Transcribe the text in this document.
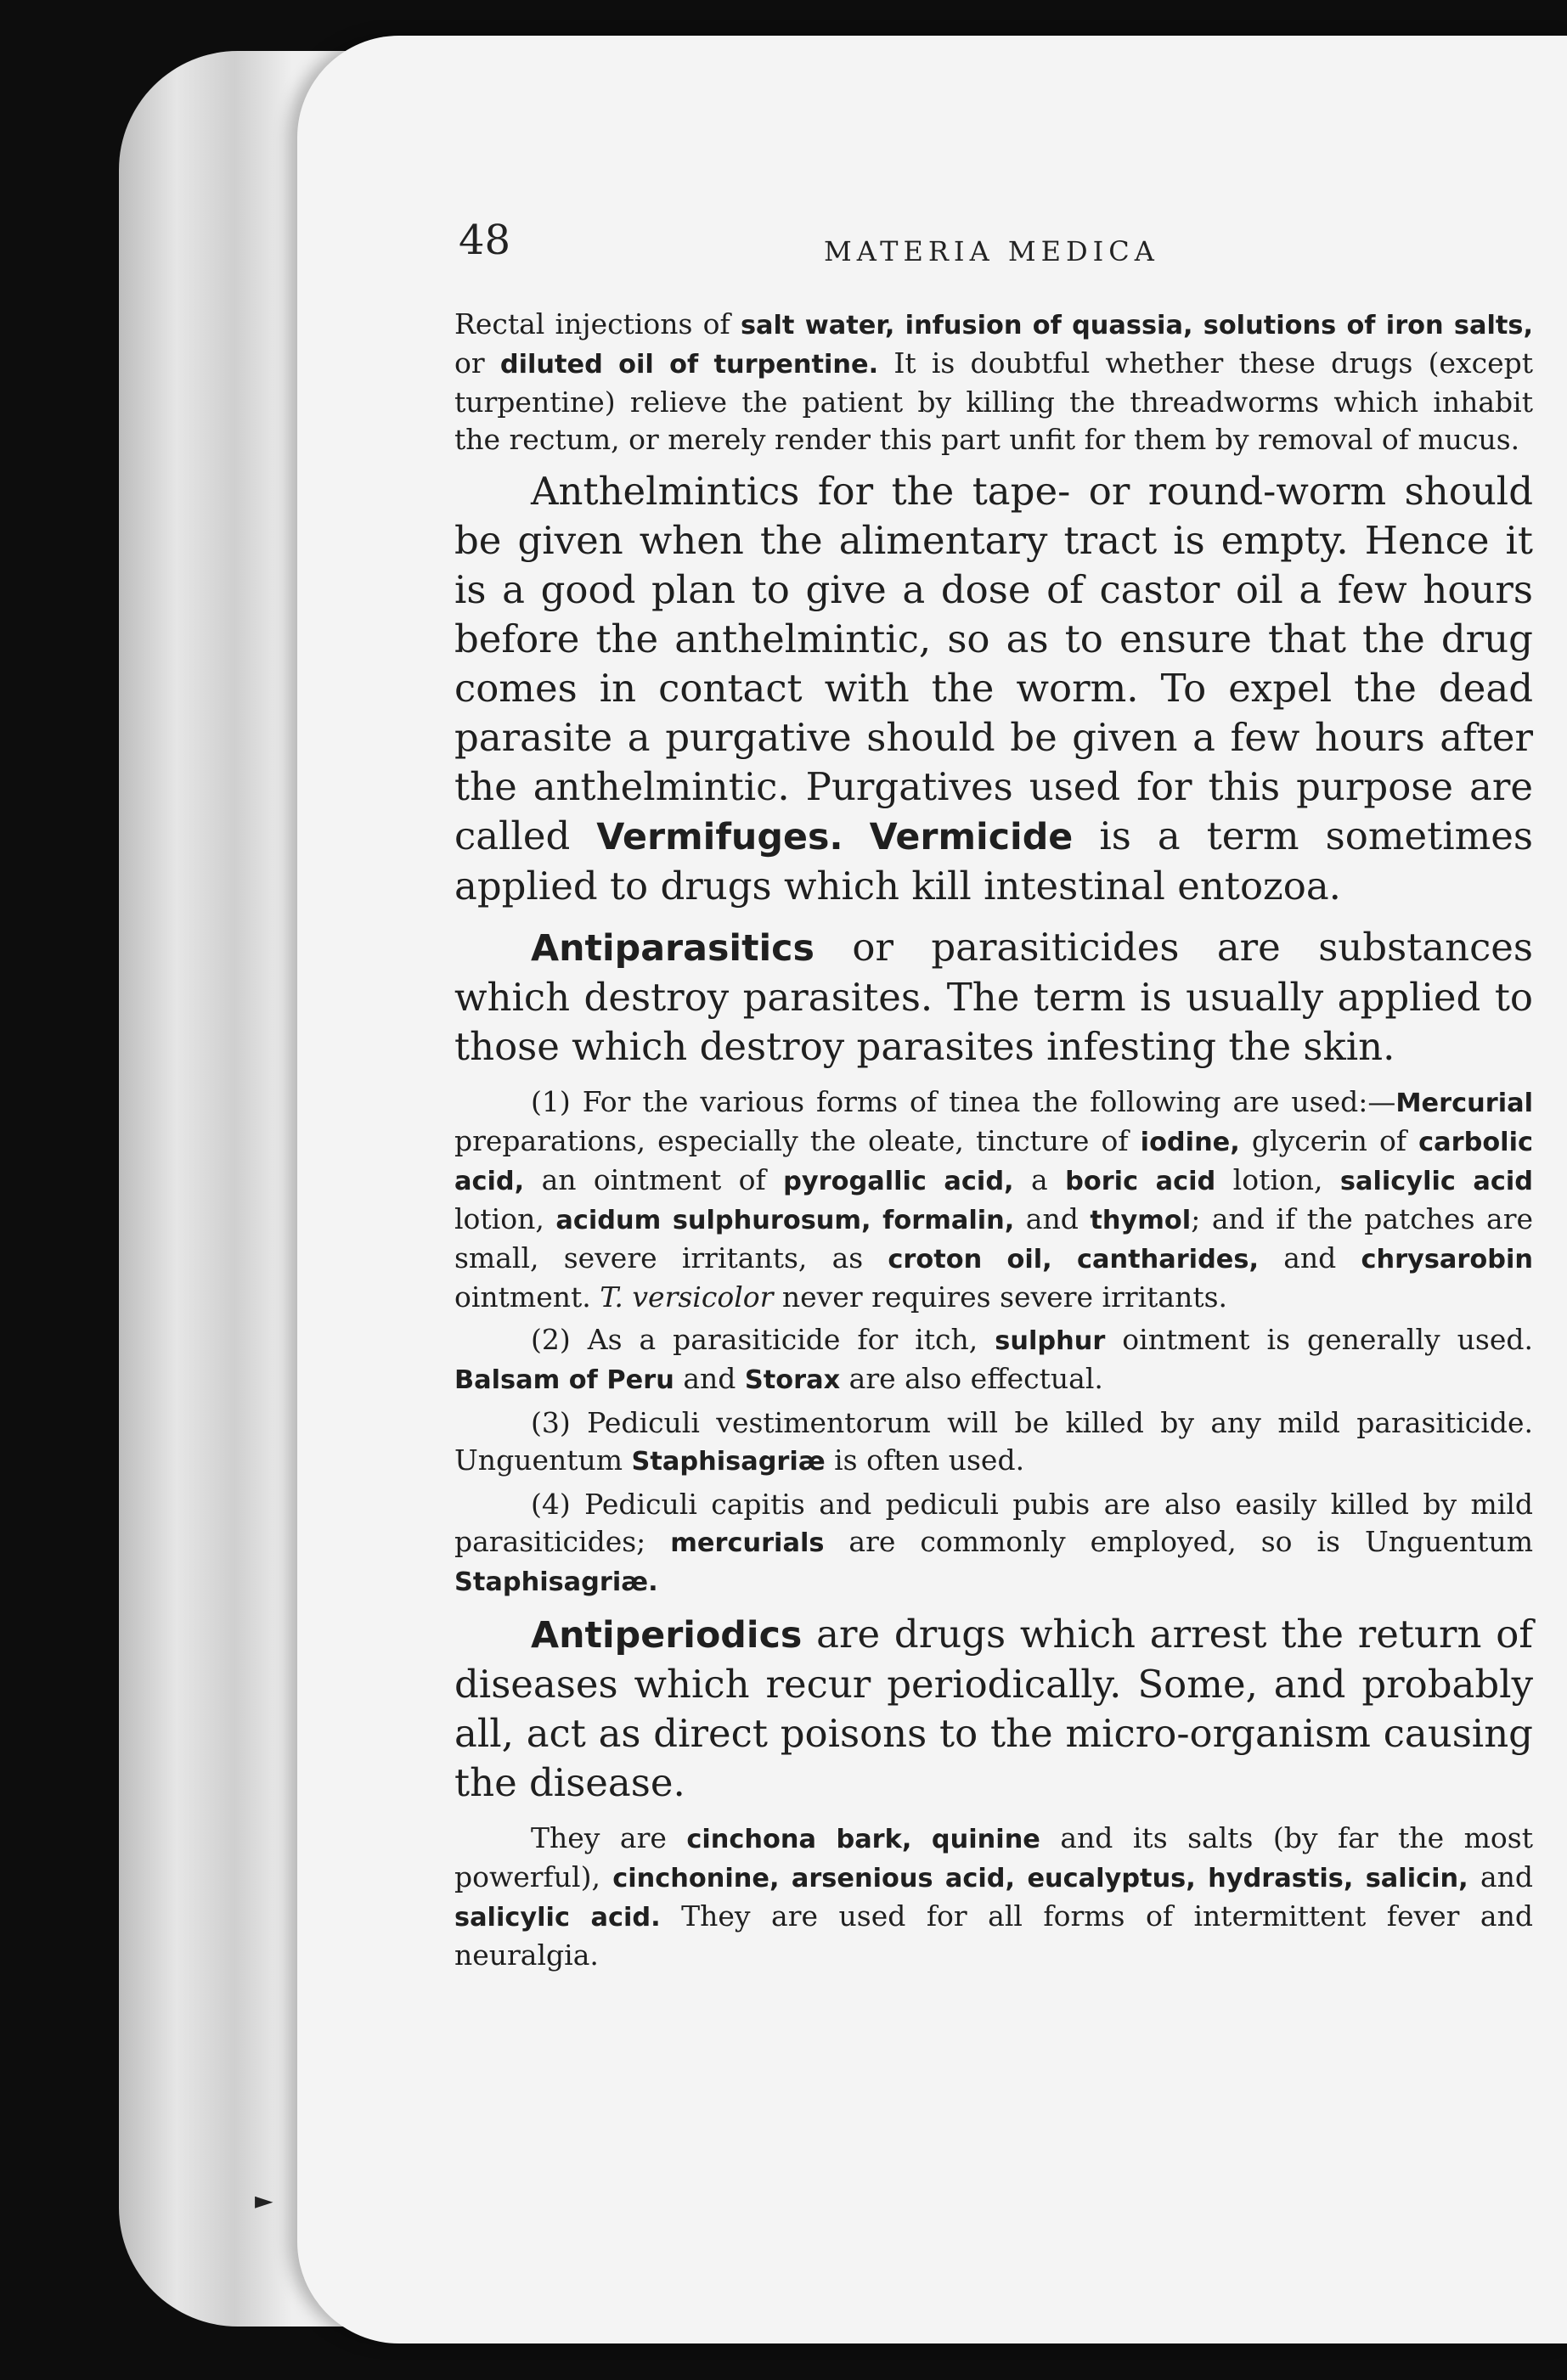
►
48	MATERIA MEDICA

Rectal injections of salt water, infusion of quassia, solutions of iron salts, or diluted oil of turpentine. It is doubtful whether these drugs (except turpentine) relieve the patient by killing the threadworms which inhabit the rectum, or merely render this part unfit for them by removal of mucus.

Anthelmintics for the tape- or round-worm should be given when the alimentary tract is empty. Hence it is a good plan to give a dose of castor oil a few hours before the anthelmintic, so as to ensure that the drug comes in contact with the worm. To expel the dead parasite a purgative should be given a few hours after the anthelmintic. Purgatives used for this purpose are called Vermifuges. Vermicide is a term sometimes applied to drugs which kill intestinal entozoa.

Antiparasitics or parasiticides are substances which destroy parasites. The term is usually applied to those which destroy parasites infesting the skin.

(1) For the various forms of tinea the following are used:—Mercurial preparations, especially the oleate, tincture of iodine, glycerin of carbolic acid, an ointment of pyrogallic acid, a boric acid lotion, salicylic acid lotion, acidum sulphurosum, formalin, and thymol; and if the patches are small, severe irritants, as croton oil, cantharides, and chrysarobin ointment. T. versicolor never requires severe irritants.

(2) As a parasiticide for itch, sulphur ointment is generally used. Balsam of Peru and Storax are also effectual.

(3) Pediculi vestimentorum will be killed by any mild parasiticide. Unguentum Staphisagriæ is often used.

(4) Pediculi capitis and pediculi pubis are also easily killed by mild parasiticides; mercurials are commonly employed, so is Unguentum Staphisagriæ.

Antiperiodics are drugs which arrest the return of diseases which recur periodically. Some, and probably all, act as direct poisons to the micro-organism causing the disease.

They are cinchona bark, quinine and its salts (by far the most powerful), cinchonine, arsenious acid, eucalyptus, hydrastis, salicin, and salicylic acid. They are used for all forms of intermittent fever and neuralgia.
